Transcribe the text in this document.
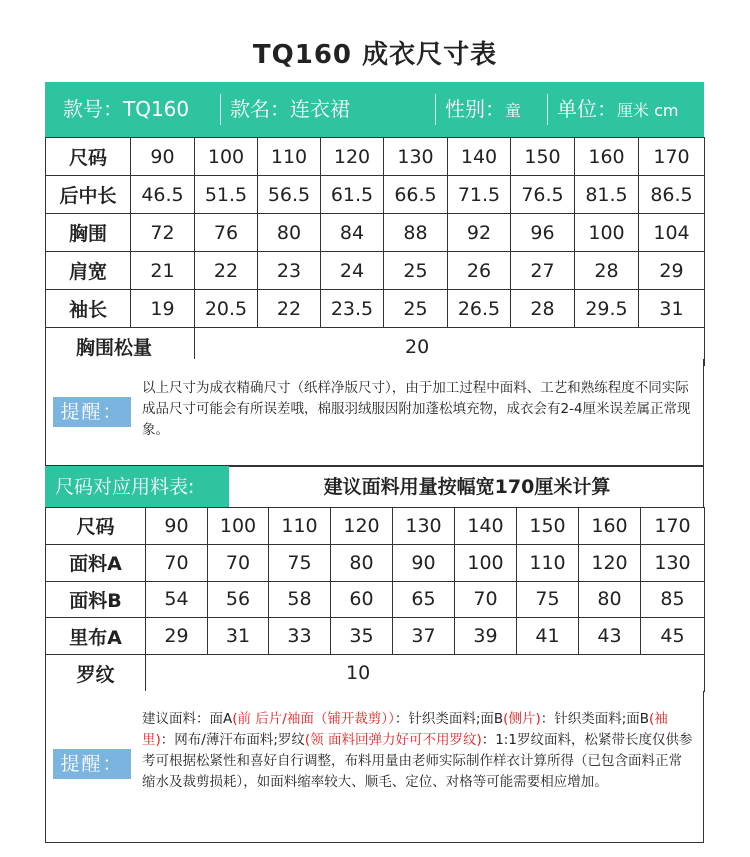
TQ160 成衣尺寸表
款号：TQ160 款名：连衣裙	性别：童 单位：厘米 cm
尺码	90	100	110	120	130	140	150	160	170
后中长	46.5	51.5	56.5	61.5	66.5	71.5	76.5	81.5	86.5
胸围	72	76	80	84	88	92	96	100	104
肩宽	21	22	23	24	25	26	27	28	29
袖长	19	20.5	22	23.5	25	26.5	28	29.5	31
胸围松量		20							
提醒：
以上尺寸为成衣精确尺寸（纸样净版尺寸），由于加工过程中面料、工艺和熟练程度不同实际成品尺寸可能会有所误差哦，棉服羽绒服因附加蓬松填充物，成衣会有2-4厘米误差属正常现象。
尺码对应用料表:	建议面料用量按幅宽170厘米计算
尺码	90	100	110	120	130	140	150	160	170
面料A	70	70	75	80	90	100	110	120	130
面料B	54	56	58	60	65	70	75	80	85
里布A	29	31	33	35	37	39	41	43	45
罗纹	10								
提醒：
建议面料：面A(前 后片/袖面（铺开裁剪））：针织类面料;面B(侧片)：针织类面料;面B(袖里)：网布/薄汗布面料;罗纹(领 面料回弹力好可不用罗纹)：1:1罗纹面料，松紧带长度仅供参考可根据松紧性和喜好自行调整，布料用量由老师实际制作样衣计算所得（已包含面料正常缩水及裁剪损耗），如面料缩率较大、顺毛、定位、对格等可能需要相应增加。
